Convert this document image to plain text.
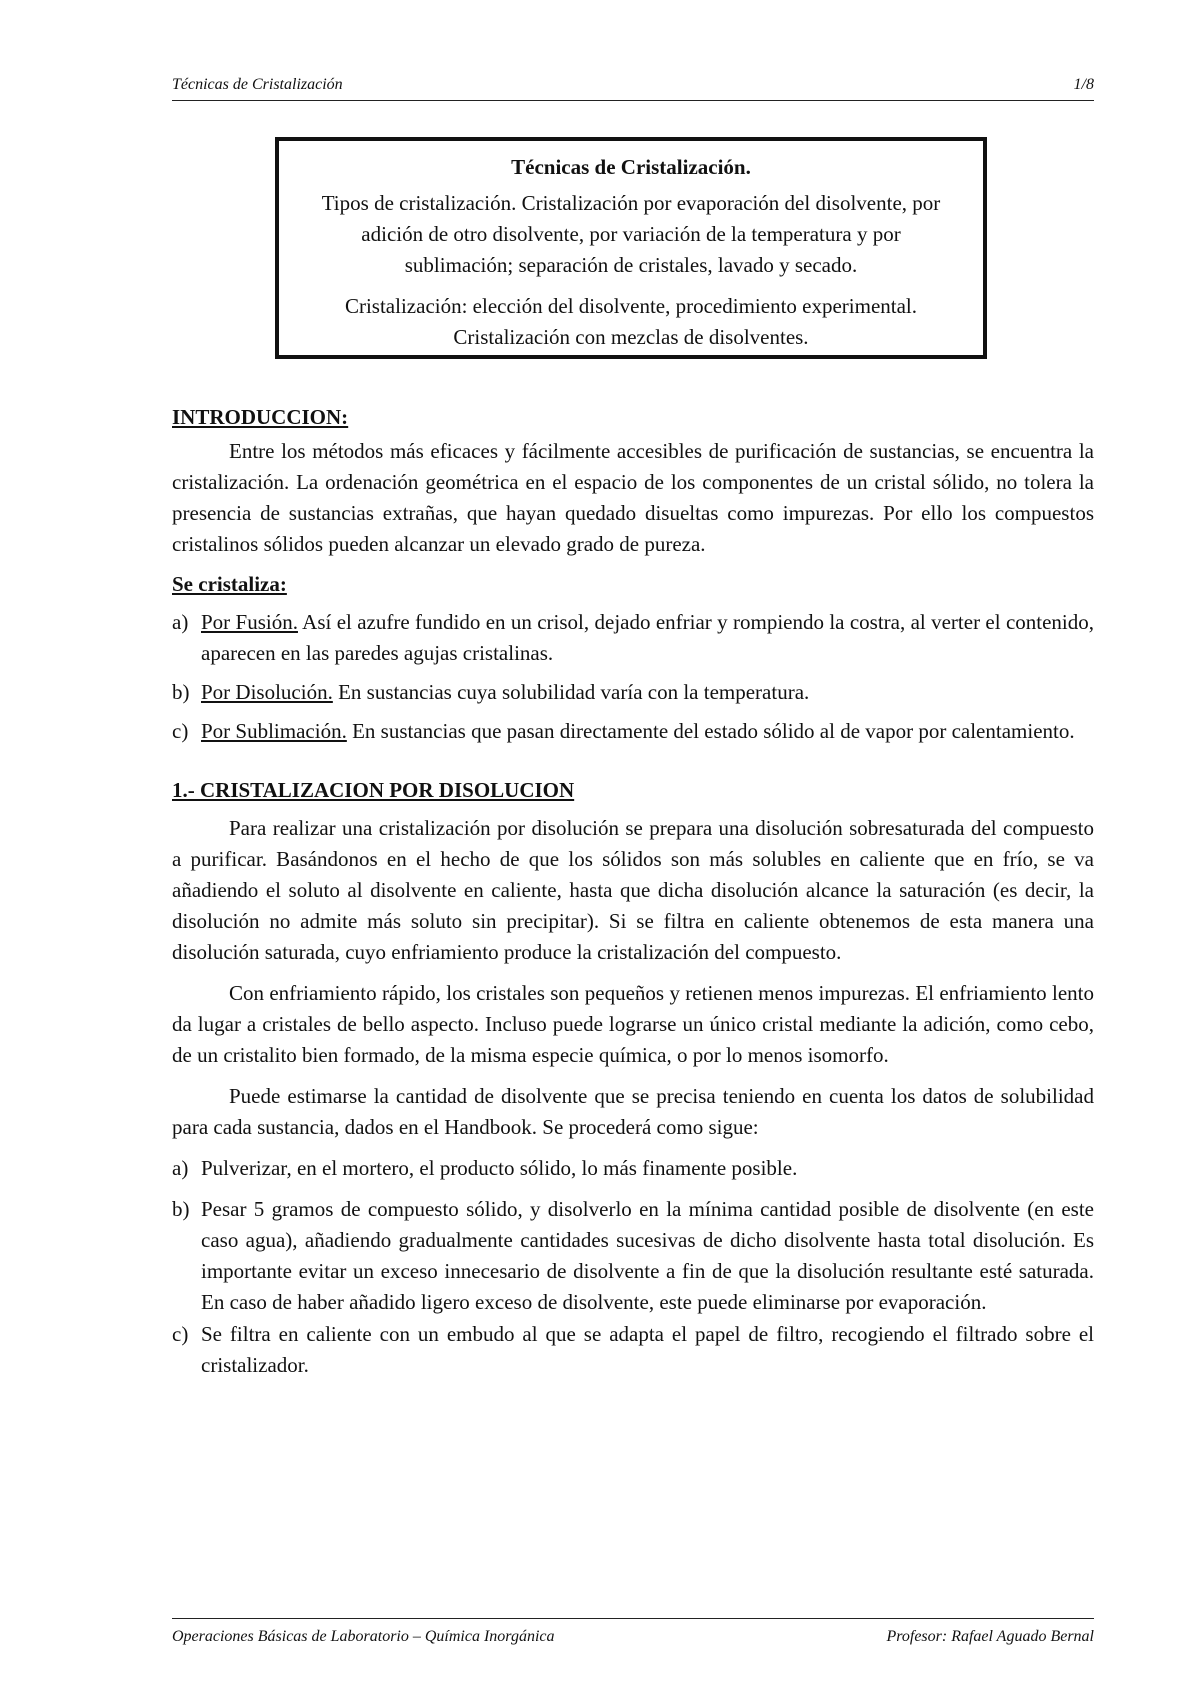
Técnicas de Cristalización	1/8
Técnicas de Cristalización.

Tipos de cristalización. Cristalización por evaporación del disolvente, por adición de otro disolvente, por variación de la temperatura y por sublimación; separación de cristales, lavado y secado.

Cristalización: elección del disolvente, procedimiento experimental. Cristalización con mezclas de disolventes.

INTRODUCCION:

Entre los métodos más eficaces y fácilmente accesibles de purificación de sustancias, se encuentra la cristalización. La ordenación geométrica en el espacio de los componentes de un cristal sólido, no tolera la presencia de sustancias extrañas, que hayan quedado disueltas como impurezas. Por ello los compuestos cristalinos sólidos pueden alcanzar un elevado grado de pureza.

Se cristaliza:

a) Por Fusión. Así el azufre fundido en un crisol, dejado enfriar y rompiendo la costra, al verter el contenido, aparecen en las paredes agujas cristalinas.
b) Por Disolución. En sustancias cuya solubilidad varía con la temperatura.
c) Por Sublimación. En sustancias que pasan directamente del estado sólido al de vapor por calentamiento.

1.- CRISTALIZACION POR DISOLUCION

Para realizar una cristalización por disolución se prepara una disolución sobresaturada del compuesto a purificar. Basándonos en el hecho de que los sólidos son más solubles en caliente que en frío, se va añadiendo el soluto al disolvente en caliente, hasta que dicha disolución alcance la saturación (es decir, la disolución no admite más soluto sin precipitar). Si se filtra en caliente obtenemos de esta manera una disolución saturada, cuyo enfriamiento produce la cristalización del compuesto.

Con enfriamiento rápido, los cristales son pequeños y retienen menos impurezas. El enfriamiento lento da lugar a cristales de bello aspecto. Incluso puede lograrse un único cristal mediante la adición, como cebo, de un cristalito bien formado, de la misma especie química, o por lo menos isomorfo.

Puede estimarse la cantidad de disolvente que se precisa teniendo en cuenta los datos de solubilidad para cada sustancia, dados en el Handbook. Se procederá como sigue:

a) Pulverizar, en el mortero, el producto sólido, lo más finamente posible.
b) Pesar 5 gramos de compuesto sólido, y disolverlo en la mínima cantidad posible de disolvente (en este caso agua), añadiendo gradualmente cantidades sucesivas de dicho disolvente hasta total disolución. Es importante evitar un exceso innecesario de disolvente a fin de que la disolución resultante esté saturada. En caso de haber añadido ligero exceso de disolvente, este puede eliminarse por evaporación.
c) Se filtra en caliente con un embudo al que se adapta el papel de filtro, recogiendo el filtrado sobre el cristalizador.
Operaciones Básicas de Laboratorio – Química Inorgánica	Profesor: Rafael Aguado Bernal
